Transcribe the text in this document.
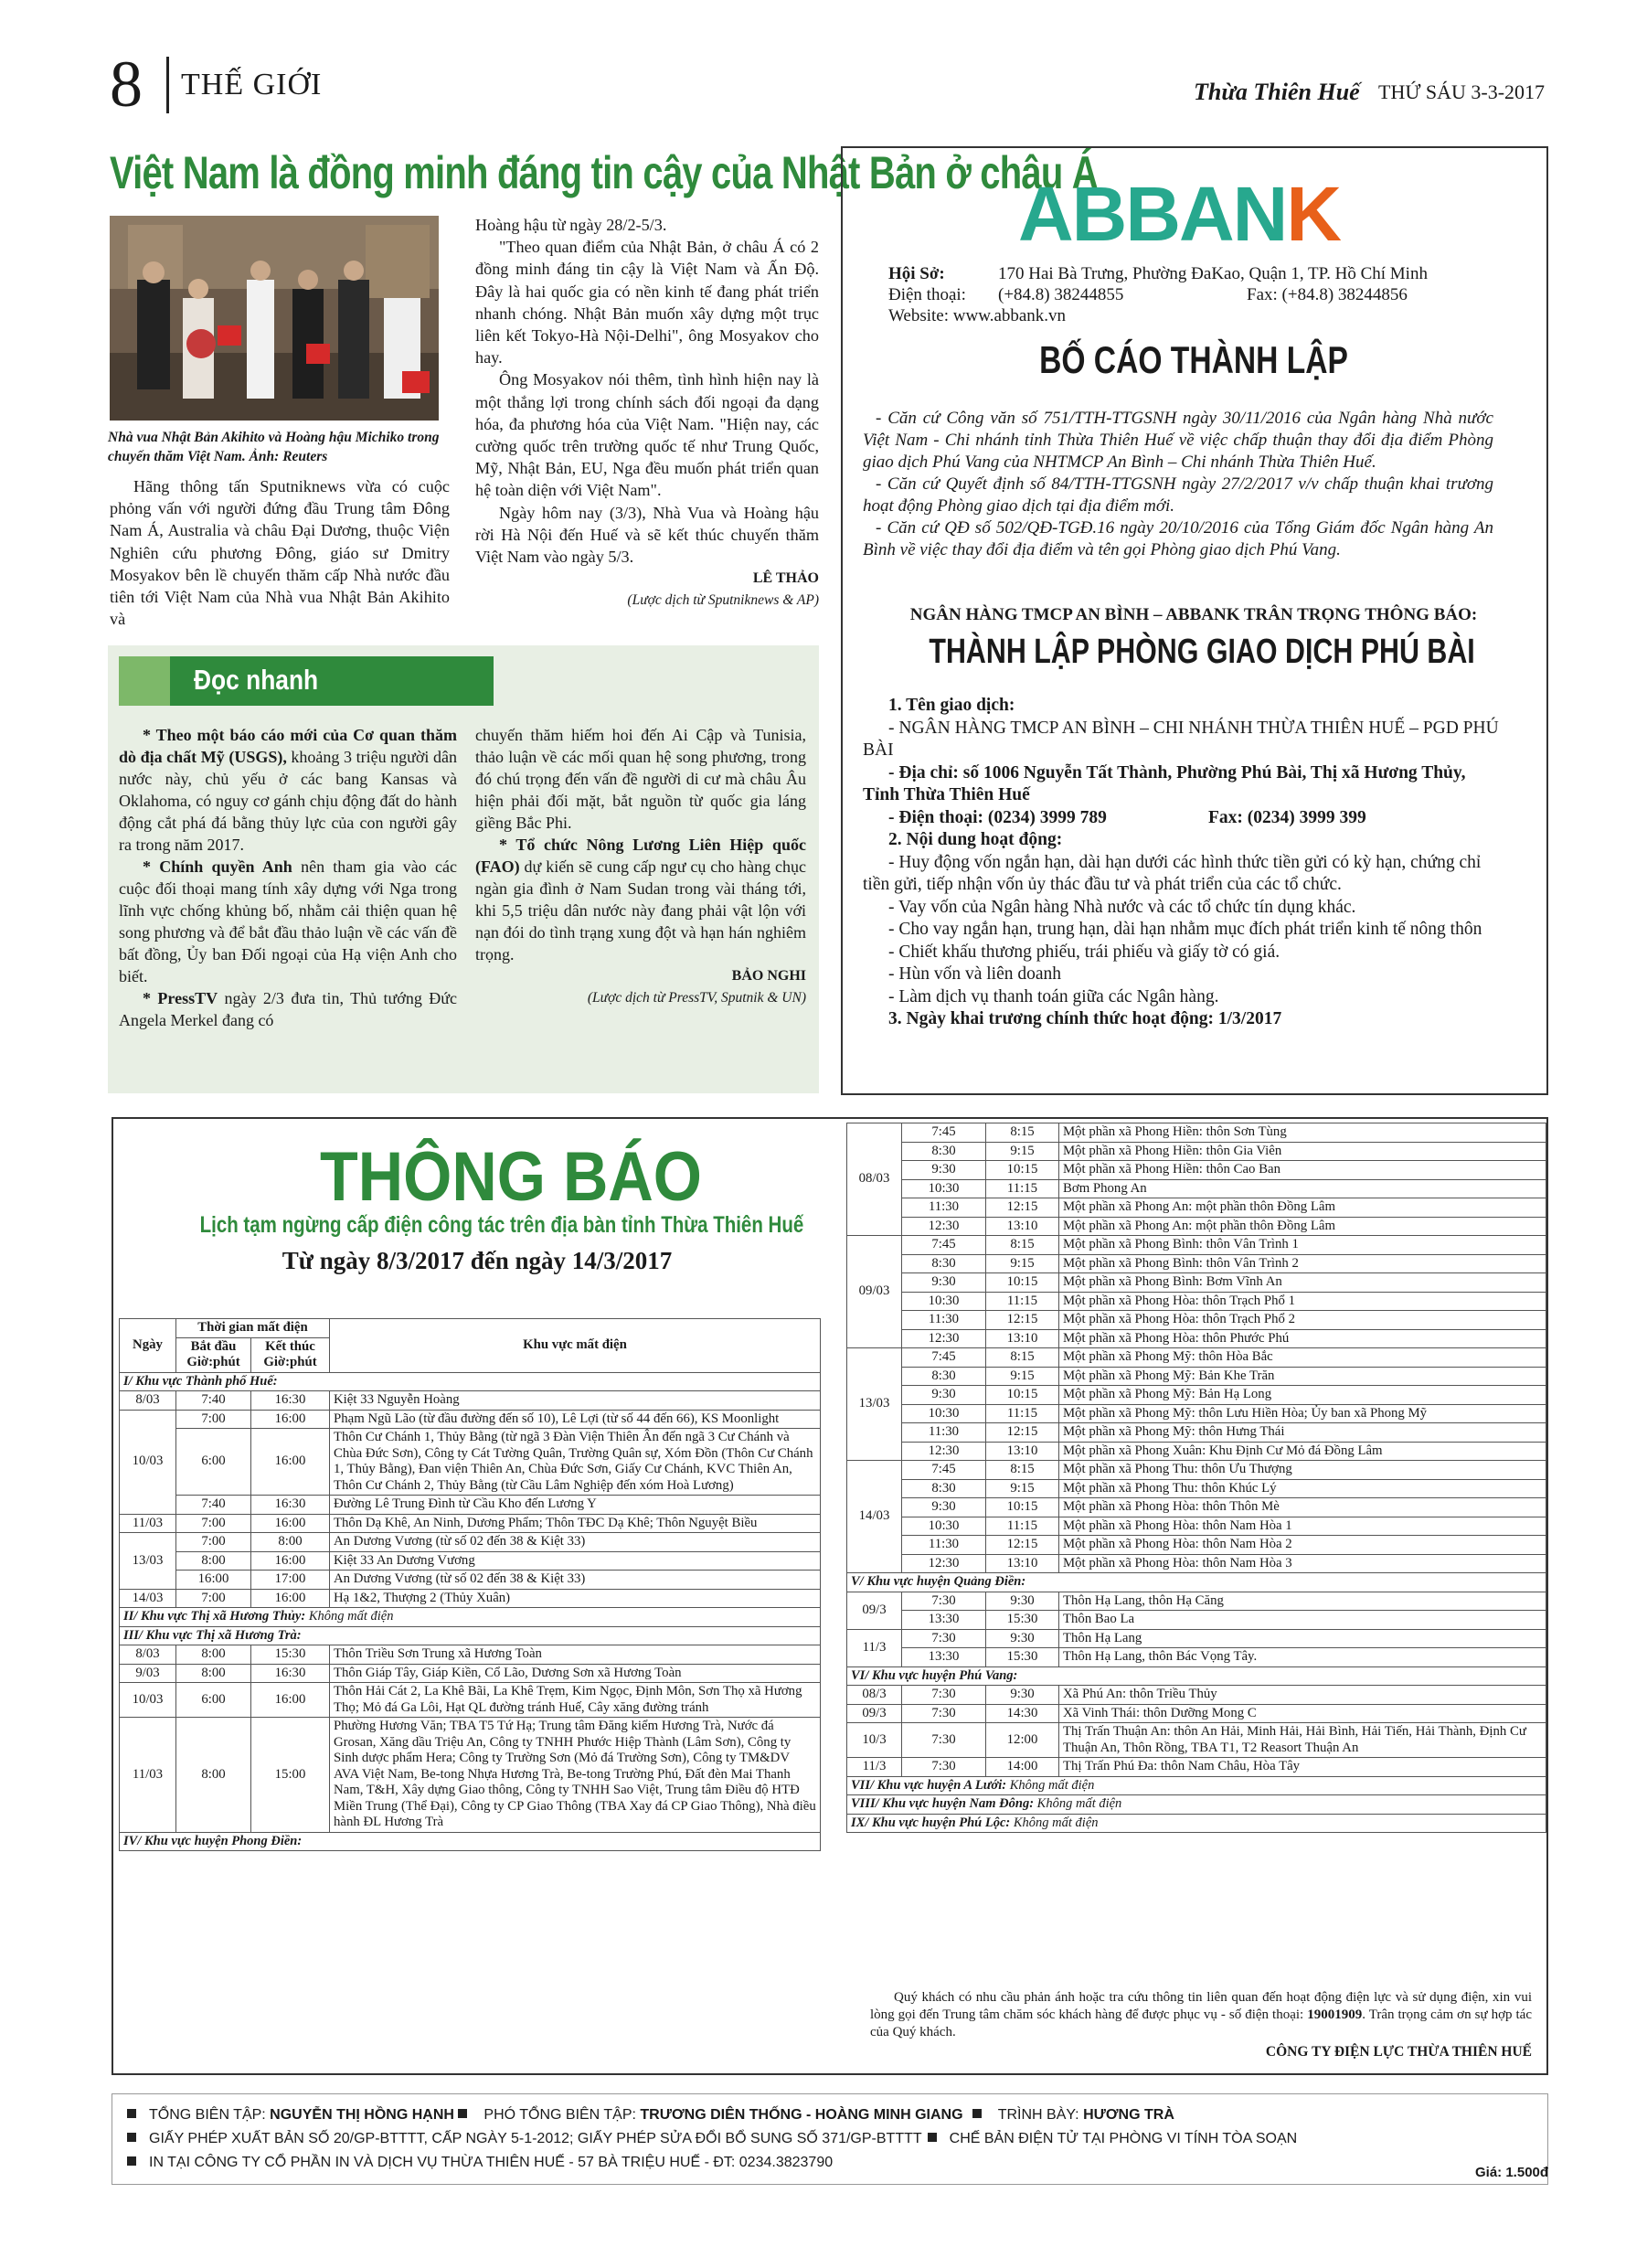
8 THẾ GIỚI	Thừa Thiên Huế THỨ SÁU 3-3-2017
Việt Nam là đồng minh đáng tin cậy của Nhật Bản ở châu Á
Nhà vua Nhật Bản Akihito và Hoàng hậu Michiko trong chuyến thăm Việt Nam. Ảnh: Reuters

Hãng thông tấn Sputniknews vừa có cuộc phỏng vấn với người đứng đầu Trung tâm Đông Nam Á, Australia và châu Đại Dương, thuộc Viện Nghiên cứu phương Đông, giáo sư Dmitry Mosyakov bên lề chuyến thăm cấp Nhà nước đầu tiên tới Việt Nam của Nhà vua Nhật Bản Akihito và

Hoàng hậu từ ngày 28/2-5/3.

"Theo quan điểm của Nhật Bản, ở châu Á có 2 đồng minh đáng tin cậy là Việt Nam và Ấn Độ. Đây là hai quốc gia có nền kinh tế đang phát triển nhanh chóng. Nhật Bản muốn xây dựng một trục liên kết Tokyo-Hà Nội-Delhi", ông Mosyakov cho hay.

Ông Mosyakov nói thêm, tình hình hiện nay là một thắng lợi trong chính sách đối ngoại đa dạng hóa, đa phương hóa của Việt Nam. "Hiện nay, các cường quốc trên trường quốc tế như Trung Quốc, Mỹ, Nhật Bản, EU, Nga đều muốn phát triển quan hệ toàn diện với Việt Nam".

Ngày hôm nay (3/3), Nhà Vua và Hoàng hậu rời Hà Nội đến Huế và sẽ kết thúc chuyến thăm Việt Nam vào ngày 5/3.

LÊ THẢO
(Lược dịch từ Sputniknews & AP)
Đọc nhanh

* Theo một báo cáo mới của Cơ quan thăm dò địa chất Mỹ (USGS), khoảng 3 triệu người dân nước này, chủ yếu ở các bang Kansas và Oklahoma, có nguy cơ gánh chịu động đất do hành động cắt phá đá bằng thủy lực của con người gây ra trong năm 2017.

* Chính quyền Anh nên tham gia vào các cuộc đối thoại mang tính xây dựng với Nga trong lĩnh vực chống khủng bố, nhằm cải thiện quan hệ song phương và để bắt đầu thảo luận về các vấn đề bất đồng, Ủy ban Đối ngoại của Hạ viện Anh cho biết.

* PressTV ngày 2/3 đưa tin, Thủ tướng Đức Angela Merkel đang có

chuyến thăm hiếm hoi đến Ai Cập và Tunisia, thảo luận về các mối quan hệ song phương, trong đó chú trọng đến vấn đề người di cư mà châu Âu hiện phải đối mặt, bắt nguồn từ quốc gia láng giềng Bắc Phi.

* Tổ chức Nông Lương Liên Hiệp quốc (FAO) dự kiến sẽ cung cấp ngư cụ cho hàng chục ngàn gia đình ở Nam Sudan trong vài tháng tới, khi 5,5 triệu dân nước này đang phải vật lộn với nạn đói do tình trạng xung đột và hạn hán nghiêm trọng.

BẢO NGHI
(Lược dịch từ PressTV, Sputnik & UN)
ABBANK
Hội Sở:	170 Hai Bà Trưng, Phường ĐaKao, Quận 1, TP. Hồ Chí Minh
Điện thoại: (+84.8) 38244855	Fax: (+84.8) 38244856
Website: www.abbank.vn
BỐ CÁO THÀNH LẬP
- Căn cứ Công văn số 751/TTH-TTGSNH ngày 30/11/2016 của Ngân hàng Nhà nước Việt Nam - Chi nhánh tỉnh Thừa Thiên Huế về việc chấp thuận thay đổi địa điểm Phòng giao dịch Phú Vang của NHTMCP An Bình – Chi nhánh Thừa Thiên Huế.
- Căn cứ Quyết định số 84/TTH-TTGSNH ngày 27/2/2017 v/v chấp thuận khai trương hoạt động Phòng giao dịch tại địa điểm mới.
- Căn cứ QĐ số 502/QĐ-TGĐ.16 ngày 20/10/2016 của Tổng Giám đốc Ngân hàng An Bình về việc thay đổi địa điểm và tên gọi Phòng giao dịch Phú Vang.
NGÂN HÀNG TMCP AN BÌNH – ABBANK TRÂN TRỌNG THÔNG BÁO:
THÀNH LẬP PHÒNG GIAO DỊCH PHÚ BÀI
1. Tên giao dịch:
- NGÂN HÀNG TMCP AN BÌNH – CHI NHÁNH THỪA THIÊN HUẾ – PGD PHÚ BÀI
- Địa chỉ: số 1006 Nguyễn Tất Thành, Phường Phú Bài, Thị xã Hương Thủy, Tỉnh Thừa Thiên Huế
- Điện thoại: (0234) 3999 789	Fax: (0234) 3999 399
2. Nội dung hoạt động:
- Huy động vốn ngắn hạn, dài hạn dưới các hình thức tiền gửi có kỳ hạn, chứng chỉ tiền gửi, tiếp nhận vốn ủy thác đầu tư và phát triển của các tổ chức.
- Vay vốn của Ngân hàng Nhà nước và các tổ chức tín dụng khác.
- Cho vay ngắn hạn, trung hạn, dài hạn nhằm mục đích phát triển kinh tế nông thôn
- Chiết khấu thương phiếu, trái phiếu và giấy tờ có giá.
- Hùn vốn và liên doanh
- Làm dịch vụ thanh toán giữa các Ngân hàng.
3. Ngày khai trương chính thức hoạt động: 1/3/2017
THÔNG BÁO
Lịch tạm ngừng cấp điện công tác trên địa bàn tỉnh Thừa Thiên Huế
Từ ngày 8/3/2017 đến ngày 14/3/2017
Ngày	Thời gian mất điện		Khu vực mất điện
	Bắt đầu Giờ:phút	Kết thúc Giờ:phút	
I/ Khu vực Thành phố Huế:			
8/03	7:40	16:30	Kiệt 33 Nguyễn Hoàng
10/03	7:00	16:00	Phạm Ngũ Lão (từ đầu đường đến số 10), Lê Lợi (từ số 44 đến 66), KS Moonlight
	6:00	16:00	Thôn Cư Chánh 1, Thủy Bằng (từ ngã 3 Đàn Viện Thiên Ân đến ngã 3 Cư Chánh và Chùa Đức Sơn), Công ty Cát Tường Quân, Trường Quân sự, Xóm Đồn (Thôn Cư Chánh 1, Thủy Bằng), Đan viện Thiên An, Chùa Đức Sơn, Giấy Cư Chánh, KVC Thiên An, Thôn Cư Chánh 2, Thủy Bằng (từ Cầu Lâm Nghiệp đến xóm Hoà Lương)
	7:40	16:30	Đường Lê Trung Đình từ Cầu Kho đến Lương Y
11/03	7:00	16:00	Thôn Dạ Khê, An Ninh, Dương Phẩm; Thôn TĐC Dạ Khê; Thôn Nguyệt Biều
13/03	7:00	8:00	An Dương Vương (từ số 02 đến 38 & Kiệt 33)
	8:00	16:00	Kiệt 33 An Dương Vương
	16:00	17:00	An Dương Vương (từ số 02 đến 38 & Kiệt 33)
14/03	7:00	16:00	Hạ 1&2, Thượng 2 (Thủy Xuân)
II/ Khu vực Thị xã Hương Thủy: Không mất điện			
III/ Khu vực Thị xã Hương Trà:			
8/03	8:00	15:30	Thôn Triều Sơn Trung xã Hương Toàn
9/03	8:00	16:30	Thôn Giáp Tây, Giáp Kiền, Cổ Lão, Dương Sơn xã Hương Toàn
10/03	6:00	16:00	Thôn Hải Cát 2, La Khê Bãi, La Khê Trẹm, Kim Ngọc, Định Môn, Sơn Thọ xã Hương Thọ; Mỏ đá Ga Lôi, Hạt QL đường tránh Huế, Cây xăng đường tránh
11/03	8:00	15:00	Phường Hương Văn; TBA T5 Tứ Hạ; Trung tâm Đăng kiểm Hương Trà, Nước đá Grosan, Xăng dầu Triệu An, Công ty TNHH Phước Hiệp Thành (Lâm Sơn), Công ty Sinh dược phẩm Hera; Công ty Trường Sơn (Mỏ đá Trường Sơn), Công ty TM&DV AVA Việt Nam, Be-tong Nhựa Hương Trà, Be-tong Trường Phú, Đất đèn Mai Thanh Nam, T&H, Xây dựng Giao thông, Công ty TNHH Sao Việt, Trung tâm Điều độ HTĐ Miền Trung (Thể Đại), Công ty CP Giao Thông (TBA Xay đá CP Giao Thông), Nhà điều hành ĐL Hương Trà
IV/ Khu vực huyện Phong Điền:			
08/03	7:45	8:15	Một phần xã Phong Hiền: thôn Sơn Tùng
	8:30	9:15	Một phần xã Phong Hiền: thôn Gia Viên
	9:30	10:15	Một phần xã Phong Hiền: thôn Cao Ban
	10:30	11:15	Bơm Phong An
	11:30	12:15	Một phần xã Phong An: một phần thôn Đồng Lâm
	12:30	13:10	Một phần xã Phong An: một phần thôn Đồng Lâm
09/03	7:45	8:15	Một phần xã Phong Bình: thôn Vân Trình 1
	8:30	9:15	Một phần xã Phong Bình: thôn Vân Trình 2
	9:30	10:15	Một phần xã Phong Bình: Bơm Vĩnh An
	10:30	11:15	Một phần xã Phong Hòa: thôn Trạch Phổ 1
	11:30	12:15	Một phần xã Phong Hòa: thôn Trạch Phổ 2
	12:30	13:10	Một phần xã Phong Hòa: thôn Phước Phú
13/03	7:45	8:15	Một phần xã Phong Mỹ: thôn Hòa Bắc
	8:30	9:15	Một phần xã Phong Mỹ: Bản Khe Trăn
	9:30	10:15	Một phần xã Phong Mỹ: Bản Hạ Long
	10:30	11:15	Một phần xã Phong Mỹ: thôn Lưu Hiền Hòa; Ủy ban xã Phong Mỹ
	11:30	12:15	Một phần xã Phong Mỹ: thôn Hưng Thái
	12:30	13:10	Một phần xã Phong Xuân: Khu Định Cư Mỏ đá Đồng Lâm
14/03	7:45	8:15	Một phần xã Phong Thu: thôn Ưu Thượng
	8:30	9:15	Một phần xã Phong Thu: thôn Khúc Lý
	9:30	10:15	Một phần xã Phong Hòa: thôn Thôn Mè
	10:30	11:15	Một phần xã Phong Hòa: thôn Nam Hòa 1
	11:30	12:15	Một phần xã Phong Hòa: thôn Nam Hòa 2
	12:30	13:10	Một phần xã Phong Hòa: thôn Nam Hòa 3
V/ Khu vực huyện Quảng Điền:			
09/3	7:30	9:30	Thôn Hạ Lang, thôn Hạ Căng
	13:30	15:30	Thôn Bao La
11/3	7:30	9:30	Thôn Hạ Lang
	13:30	15:30	Thôn Hạ Lang, thôn Bác Vọng Tây.
VI/ Khu vực huyện Phú Vang:			
08/3	7:30	9:30	Xã Phú An: thôn Triều Thủy
09/3	7:30	14:30	Xã Vinh Thái: thôn Dưỡng Mong C
10/3	7:30	12:00	Thị Trấn Thuận An: thôn An Hải, Minh Hải, Hải Bình, Hải Tiến, Hải Thành, Định Cư Thuận An, Thôn Rồng, TBA T1, T2 Reasort Thuận An
11/3	7:30	14:00	Thị Trấn Phú Đa: thôn Nam Châu, Hòa Tây
VII/ Khu vực huyện A Lưới: Không mất điện			
VIII/ Khu vực huyện Nam Đông: Không mất điện			
IX/ Khu vực huyện Phú Lộc: Không mất điện			

Quý khách có nhu cầu phản ánh hoặc tra cứu thông tin liên quan đến hoạt động điện lực và sử dụng điện, xin vui lòng gọi đến Trung tâm chăm sóc khách hàng để được phục vụ - số điện thoại: 19001909. Trân trọng cảm ơn sự hợp tác của Quý khách.

CÔNG TY ĐIỆN LỰC THỪA THIÊN HUẾ
TỔNG BIÊN TẬP: NGUYỄN THỊ HỒNG HẠNH PHÓ TỔNG BIÊN TẬP: TRƯƠNG DIÊN THỐNG - HOÀNG MINH GIANG TRÌNH BÀY: HƯƠNG TRÀ
GIẤY PHÉP XUẤT BẢN SỐ 20/GP-BTTTT, CẤP NGÀY 5-1-2012; GIẤY PHÉP SỬA ĐỔI BỔ SUNG SỐ 371/GP-BTTTT CHẾ BẢN ĐIỆN TỬ TẠI PHÒNG VI TÍNH TÒA SOẠN
IN TẠI CÔNG TY CỔ PHẦN IN VÀ DỊCH VỤ THỪA THIÊN HUẾ - 57 BÀ TRIỆU HUẾ - ĐT: 0234.3823790
Giá: 1.500đ
